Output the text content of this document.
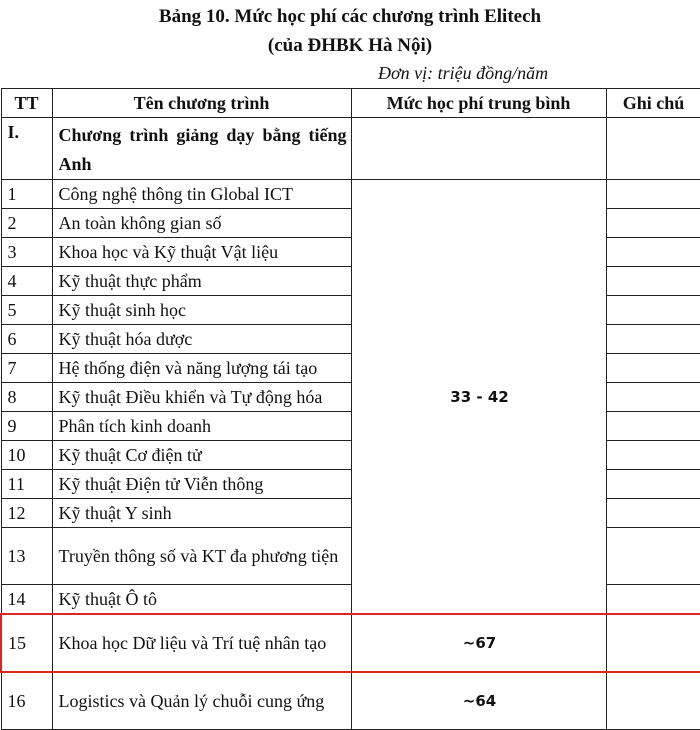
Bảng 10. Mức học phí các chương trình Elitech
(của ĐHBK Hà Nội)
Đơn vị: triệu đồng/năm
TT	Tên chương trình	Mức học phí trung bình	Ghi chú
I.	Chương trình giảng dạy bằng tiếng Anh		
1	Công nghệ thông tin Global ICT	33 - 42	
2	An toàn không gian số		
3	Khoa học và Kỹ thuật Vật liệu		
4	Kỹ thuật thực phẩm		
5	Kỹ thuật sinh học		
6	Kỹ thuật hóa dược		
7	Hệ thống điện và năng lượng tái tạo		
8	Kỹ thuật Điều khiển và Tự động hóa		
9	Phân tích kinh doanh		
10	Kỹ thuật Cơ điện tử		
11	Kỹ thuật Điện tử Viễn thông		
12	Kỹ thuật Y sinh		
13	Truyền thông số và KT đa phương tiện		
14	Kỹ thuật Ô tô		
15	Khoa học Dữ liệu và Trí tuệ nhân tạo	~67	
16	Logistics và Quản lý chuỗi cung ứng	~64	
